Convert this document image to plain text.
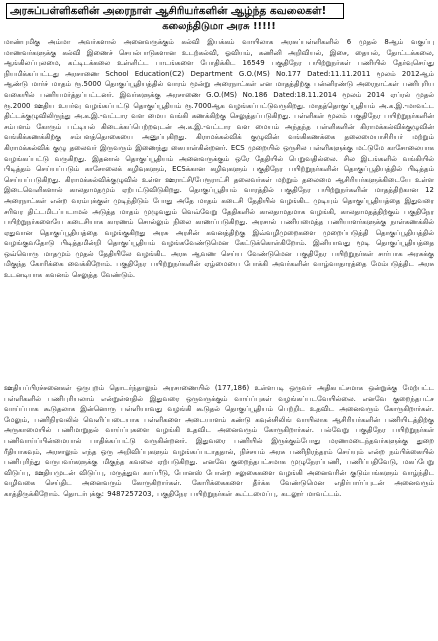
அரசுப்பள்ளிகளின் அரைநாள் ஆசிரியர்களின் ஆழ்ந்த கவலைகள்!
கலைந்திடுமா அரசு !!!!!

மாண்புமிகு அம்மா அவர்களால் அனைவருக்கும் கல்வி இயக்கம் வாயிலாக அரசுப்பள்ளிகளில் 6 முதல் 8ஆம் வகுப்பு மாணவர்களுக்கு கல்வி இணைச் செயல்பாடுகளான உடற்கல்வி, ஓவியம், கணினி அறிவியல், இசை, தையல், தோட்டக்கலை, ஆங்கிலப்புலமை, கட்டிடக்கலை உள்ளிட்ட பாடங்களை போதிக்கிட 16549 பகுதிநேர பயிற்றுநர்கள் பணியில் தேர்வுசெய்து நியமிக்கப்பட்டது அரசாணை School Education(C2) Department G.O.(MS) No.177 Dated:11.11.2011 மூலம் 2012ஆம் ஆண்டு மார்ச் மாதம் ரூ.5000 தொகுப்பூதியத்தில் வாரம் மூன்று அரைநாட்கள் என மாதத்திற்கு பன்னிரண்டு அரைநாட்கள் பணிபுரிய வகையில் பணியமர்த்தப்பட்டனர். இவர்களுக்கு அரசாணை G.O.(MS) No.186 Dated:18.11.2014 மூலம் 2014 ஏப்ரல் முதல் ரூ.2000 ஊதிய உயர்வு வழங்கப்பட்டு தொகுப்பூதியம் ரூ.7000ஆக வழங்கப்பட்டுவருகிறது. மாதத்தொகுப்பூதியம் அ.க.இ.-மாவட்ட திட்டக்குழுவிலிருந்து அ.க.இ.-வட்டார வள மைய வங்கி கணக்கிற்கு செலுத்தப்படுகிறது. பள்ளிகள் மூலம் பகுதிநேர பயிற்றுநர்களின் சம்பளம் கோரும் பட்டியல் கிடைக்கப்பெற்றவுடன் அ.க.இ.-வட்டார வள மையம் அந்தந்த பள்ளிகளின் கிராமக்கல்விக்குழுவின் வங்கிக்கணக்கிற்கு சம்பளத்தொகையை அனுப்புகிறது. கிராமக்கல்விக் குழுவின் வங்கிகணக்கை தலைமையாசிரியர் மற்றும் கிராமக்கல்விக் குழு தலைவர் இருவரும் இணைந்து கையாள்கின்றனர். ECS முறையில் ஒருசில பள்ளிகளுக்கு மட்டுமே காசோலையாக வழங்கப்பட்டு வருகிறது. இதனால் தொகுப்பூதியம் அனைவருக்கும் ஒரே தேதியில் பெறுவதில்லை. சில இடங்களில் வங்கியில் பிடித்தம் செய்யப்படும் காசோலைக் கழிவுகளும், ECSக்கான கழிவுகளும் பகுதிநேர பயிற்றுநர்களின் தொகுப்பூதியத்தில் பிடித்தம் செய்யப்படுகிறது. கிராமக்கல்விக்குழுவில் உள்ள ஊராட்சி/பேரூராட்சி தலைவர்கள் மற்றும் தலைமை ஆசிரியர்களுக்கிடையே உள்ள இடைவெளிகளால் காலதாமதமும் ஏற்பட்டுவிடுகிறது. தொகுப்பூதியம் வாரத்தில் பகுதிநேர பயிற்றுநர்களின் மாதத்திற்கான 12 அரைநாட்கள் என்ற வரம்புக்குள் முடிந்திடும் போது அதே மாதம் கடைசி தேதியில் வழங்கிட முடியும் தொகுப்பூதியத்தை இதுவரை சரிவர திட்டமிடப்படாமல் அடுத்த மாதம் முழுவதும் வெவ்வேறு தேதிகளில் காலதாமதமாக வழங்கி, காலதாமதத்திற்கும் பகுதிநேர பயிற்றுநர்களையே கடைசியாக காரணம் சொல்லும் நிலை காணப்படுகிறது. அரசால் பணியமைத்த பணியாளர்களுக்கு நாள்கணக்கில் ஏதுவான தொகுப்பூதியத்தை வழங்குகிறது அரசு அரசின் கவனத்திற்கு இவ்வழிமுறைகளை முறைப்படுத்தி தொகுப்பூதியத்தில் வழங்குவதோடு பிடித்தமின்றி தொகுப்பூதியம் வழங்கவேண்டுமென கேட்டுக்கொள்கிறோம். இனியாவது மூடி தொகுப்பூதியத்தை ஒவ்வொரு மாதமும் முதல் தேதியிலே வழங்கிட அரசு ஆவண செய்ய வேண்டுமென பகுதிநேர பயிற்றுநர்கள் சார்பாக அரசுக்கு மிகுந்த கோரிக்கை வைக்கிறோம். பகுதிநேர பயிற்றுநர்களின் ஏழ்மையை போக்கி அவர்களின் வாழ்வாதாரத்தை மேம்படுத்திட அரசு உடனடியாக கவனம் செலுத்த வேண்டும்.

ஊதியப்பிரச்சனைகள் ஒருபுறம் தொடர்ந்தாலும் அரசாணையில் (177,186) உள்ளபடி ஒருவர் அதிகபட்சமாக ஒன்றுக்கு மேற்பட்ட பள்ளிகளில் பணிபுரியலாம் என்றுள்ளதில் இதுவரை ஒருவருக்கும் வாய்ப்புகள் வழங்கப்படவேயில்லை. எனவே குறைந்தபட்ச வாய்ப்பாக கூடுதலாக இன்னொரு பள்ளியாவது வழங்கி கூடுதல் தொகுப்பூதியம் பெற்றிட உதவிட அனைவரும் கோருகிறார்கள். மேலும், பணிநிரவலில் வெளிப்படையாக பள்ளிகளை அடையாளம் கண்டு கவுன்சிலிங் வாயிலாக ஆசிரியர்களின் பணியிடத்திற்கு அருகாமையில் பணிமாறுதல் வாய்ப்புகளை வழங்கி உதவிட அனைவரும் கோருகிறார்கள். பல்வேறு பகுதிநேர பயிற்றுநர்கள் பணிவாய்ப்பின்மையால் பாதிக்கப்பட்டு வருகின்றனர். இதுவரை பணியில் இருக்கும்போது மரணமடைந்தவர்களுக்கு துறை ரீதியாகவும், அரசாலும் எந்த ஒரு அறிவிப்புகளும் வழங்கப்படாததால், நிச்சயம் அரசு பணிநிரந்தரம் செய்யும் என்ற நம்பிக்கையில் பணிபுரிந்து வருபவர்களுக்கு மிகுந்த கவலை ஏற்படுகிறது. எனவே குறைந்தபட்சமாக முழுநேரப்பணி, பணிப்பதிவேடு, மகப்பேறு விடுப்பு, ஊதியமுடன் விடுப்பு, மருத்துவ காப்பீடு, போனஸ் போன்ற சலுகைகளை வழங்கி அனைவரின் குடும்பங்களும் வாழ்ந்திட வழிவகை செய்திட அனைவரும் கோருகிறார்கள். கோரிக்கைகளை தீர்க்க வேண்டுமென எதிர்பார்ப்புடன் அனைவரும் காத்திருக்கிறோம். தொடர்புக்கு: 9487257203, பகுதிநேர பயிற்றுநர்கள் கூட்டமைப்பு, கடலூர் மாவட்டம்.
